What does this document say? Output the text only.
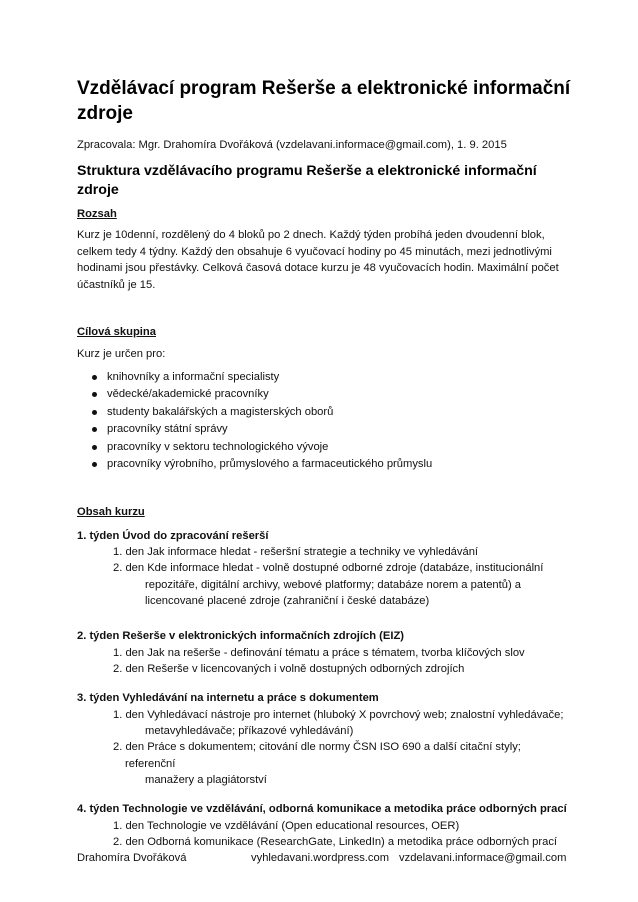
Vzdělávací program Rešerše a elektronické informační zdroje
Zpracovala: Mgr. Drahomíra Dvořáková (vzdelavani.informace@gmail.com), 1. 9. 2015
Struktura vzdělávacího programu Rešerše a elektronické informační zdroje
Rozsah

Kurz je 10denní, rozdělený do 4 bloků po 2 dnech. Každý týden probíhá jeden dvoudenní blok, celkem tedy 4 týdny. Každý den obsahuje 6 vyučovací hodiny po 45 minutách, mezi jednotlivými hodinami jsou přestávky. Celková časová dotace kurzu je 48 vyučovacích hodin. Maximální počet účastníků je 15.

Cílová skupina

Kurz je určen pro:

knihovníky a informační specialisty
vědecké/akademické pracovníky
studenty bakalářských a magisterských oborů
pracovníky státní správy
pracovníky v sektoru technologického vývoje
pracovníky výrobního, průmyslového a farmaceutického průmyslu
Obsah kurzu
1. týden Úvod do zpracování rešerší
1. den Jak informace hledat - rešeršní strategie a techniky ve vyhledávání
2. den Kde informace hledat - volně dostupné odborné zdroje (databáze, institucionální
repozitáře, digitální archivy, webové platformy; databáze norem a patentů) a
licencované placené zdroje (zahraniční i české databáze)
2. týden Rešerše v elektronických informačních zdrojích (EIZ)
1. den Jak na rešerše - definování tématu a práce s tématem, tvorba klíčových slov
2. den Rešerše v licencovaných i volně dostupných odborných zdrojích
3. týden Vyhledávání na internetu a práce s dokumentem
1. den Vyhledávací nástroje pro internet (hluboký X povrchový web; znalostní vyhledávače;
metavyhledávače; příkazové vyhledávání)
2. den Práce s dokumentem; citování dle normy ČSN ISO 690 a další citační styly; referenční
manažery a plagiátorství
4. týden Technologie ve vzdělávání, odborná komunikace a metodika práce odborných prací
1. den Technologie ve vzdělávání (Open educational resources, OER)
2. den Odborná komunikace (ResearchGate, LinkedIn) a metodika práce odborných prací
Drahomíra Dvořáková	vyhledavani.wordpress.com vzdelavani.informace@gmail.com
